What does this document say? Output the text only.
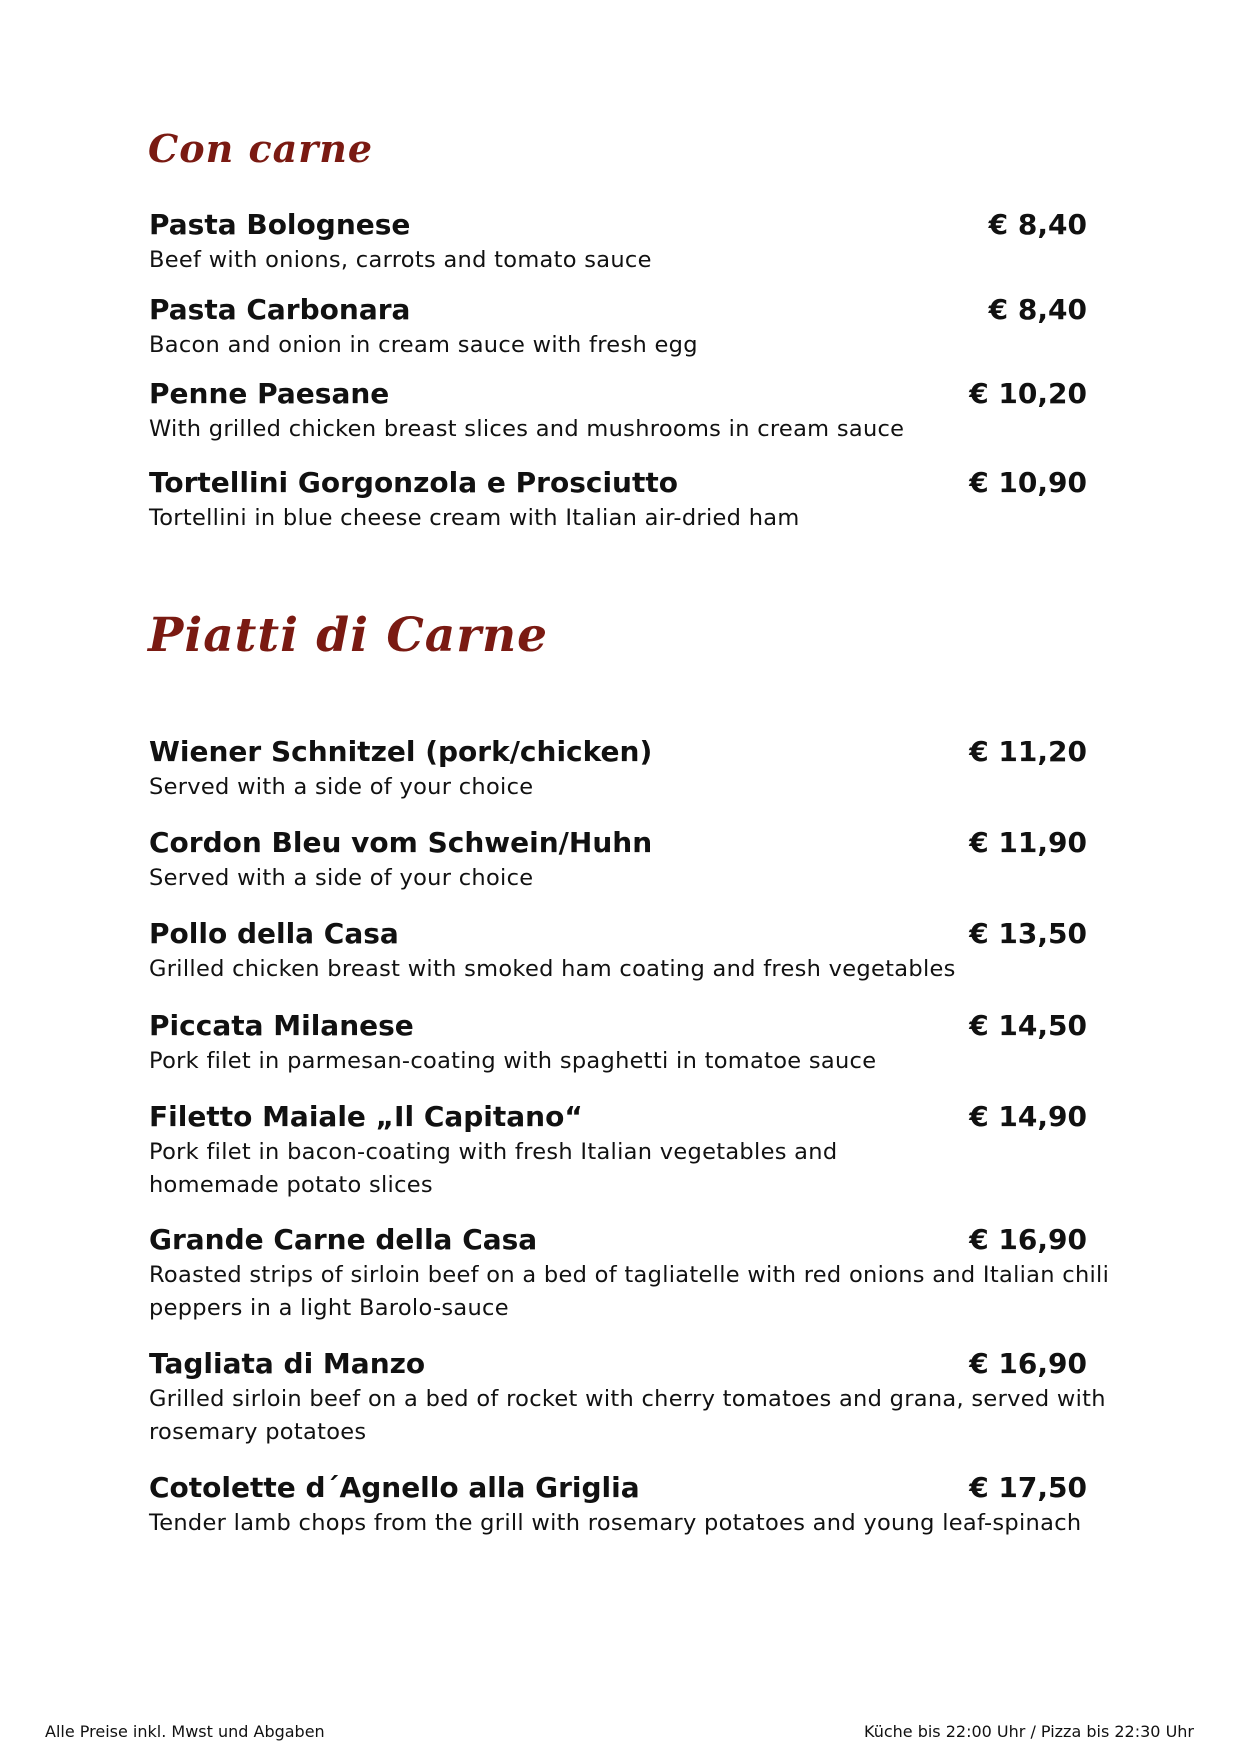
Con carne
Pasta Bolognese	€ 8,40
Beef with onions, carrots and tomato sauce
Pasta Carbonara	€ 8,40
Bacon and onion in cream sauce with fresh egg
Penne Paesane	€ 10,20
With grilled chicken breast slices and mushrooms in cream sauce
Tortellini Gorgonzola e Prosciutto	€ 10,90
Tortellini in blue cheese cream with Italian air-dried ham
Piatti di Carne
Wiener Schnitzel (pork/chicken)	€ 11,20
Served with a side of your choice
Cordon Bleu vom Schwein/Huhn	€ 11,90
Served with a side of your choice
Pollo della Casa	€ 13,50
Grilled chicken breast with smoked ham coating and fresh vegetables
Piccata Milanese	€ 14,50
Pork filet in parmesan-coating with spaghetti in tomatoe sauce
Filetto Maiale „Il Capitano“	€ 14,90
Pork filet in bacon-coating with fresh Italian vegetables and homemade potato slices
Grande Carne della Casa	€ 16,90
Roasted strips of sirloin beef on a bed of tagliatelle with red onions and Italian chili peppers in a light Barolo-sauce
Tagliata di Manzo	€ 16,90
Grilled sirloin beef on a bed of rocket with cherry tomatoes and grana, served with rosemary potatoes
Cotolette d´Agnello alla Griglia	€ 17,50
Tender lamb chops from the grill with rosemary potatoes and young leaf-spinach
Alle Preise inkl. Mwst und Abgaben	Küche bis 22:00 Uhr / Pizza bis 22:30 Uhr
